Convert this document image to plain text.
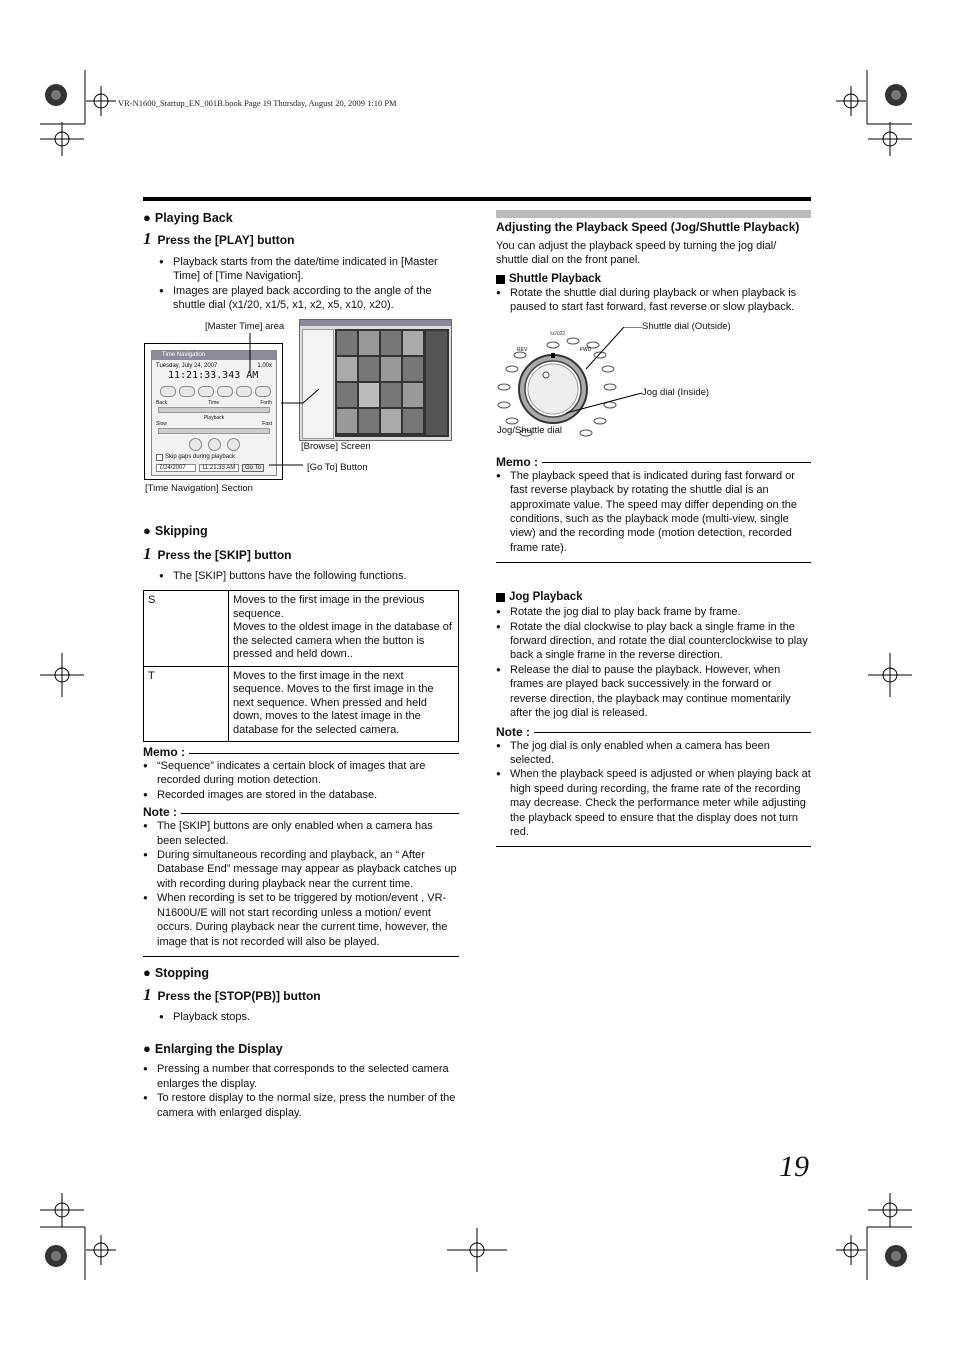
VR-N1600_Startup_EN_001B.book Page 19 Thursday, August 20, 2009 1:10 PM
● Playing Back
1 Press the [PLAY] button
● Playback starts from the date/time indicated in [Master Time] of [Time Navigation].
● Images are played back according to the angle of the shuttle dial (x1/20, x1/5, x1, x2, x5, x10, x20).
[Master Time] area
[Browse] Screen
[Go To] Button
[Time Navigation] Section
Time Navigation
Tuesday, July 24, 2007	1.00x
11:21:33.343 AM
Back	Time	Forth
Playback
Slow	Fast
Skip gaps during playback
7/24/2007	11:21:33 AM	Go To
● Skipping
1 Press the [SKIP] button
● The [SKIP] buttons have the following functions.
S	Moves to the first image in the previous sequence.
Moves to the oldest image in the database of the selected camera when the button is pressed and held down..
T	Moves to the first image in the next sequence. Moves to the first image in the next sequence. When pressed and held down, moves to the latest image in the database for the selected camera.
Memo :
● “Sequence” indicates a certain block of images that are recorded during motion detection.
● Recorded images are stored in the database.
Note :
● The [SKIP] buttons are only enabled when a camera has been selected.
● During simultaneous recording and playback, an “ After Database End” message may appear as playback catches up with recording during playback near the current time.
● When recording is set to be triggered by motion/event , VR-N1600U/E will not start recording unless a motion/ event occurs. During playback near the current time, however, the image that is not recorded will also be played.
● Stopping
1 Press the [STOP(PB)] button
● Playback stops.
● Enlarging the Display
● Pressing a number that corresponds to the selected camera enlarges the display.
● To restore display to the normal size, press the number of the camera with enlarged display.
Adjusting the Playback Speed (Jog/Shuttle Playback)
You can adjust the playback speed by turning the jog dial/ shuttle dial on the front panel.
Shuttle Playback
● Rotate the shuttle dial during playback or when playback is paused to start fast forward, fast reverse or slow playback.
\u2022
REV	FWD
Shuttle dial (Outside)
Jog dial (Inside)
Jog/Shuttle dial
Memo :
● The playback speed that is indicated during fast forward or fast reverse playback by rotating the shuttle dial is an approximate value. The speed may differ depending on the conditions, such as the playback mode (multi-view, single view) and the recording mode (motion detection, recorded frame rate).
Jog Playback
● Rotate the jog dial to play back frame by frame.
● Rotate the dial clockwise to play back a single frame in the forward direction, and rotate the dial counterclockwise to play back a single frame in the reverse direction.
● Release the dial to pause the playback. However, when frames are played back successively in the forward or reverse direction, the playback may continue momentarily after the jog dial is released.
Note :
● The jog dial is only enabled when a camera has been selected.
● When the playback speed is adjusted or when playing back at high speed during recording, the frame rate of the recording may decrease. Check the performance meter while adjusting the playback speed to ensure that the display does not turn red.
19
